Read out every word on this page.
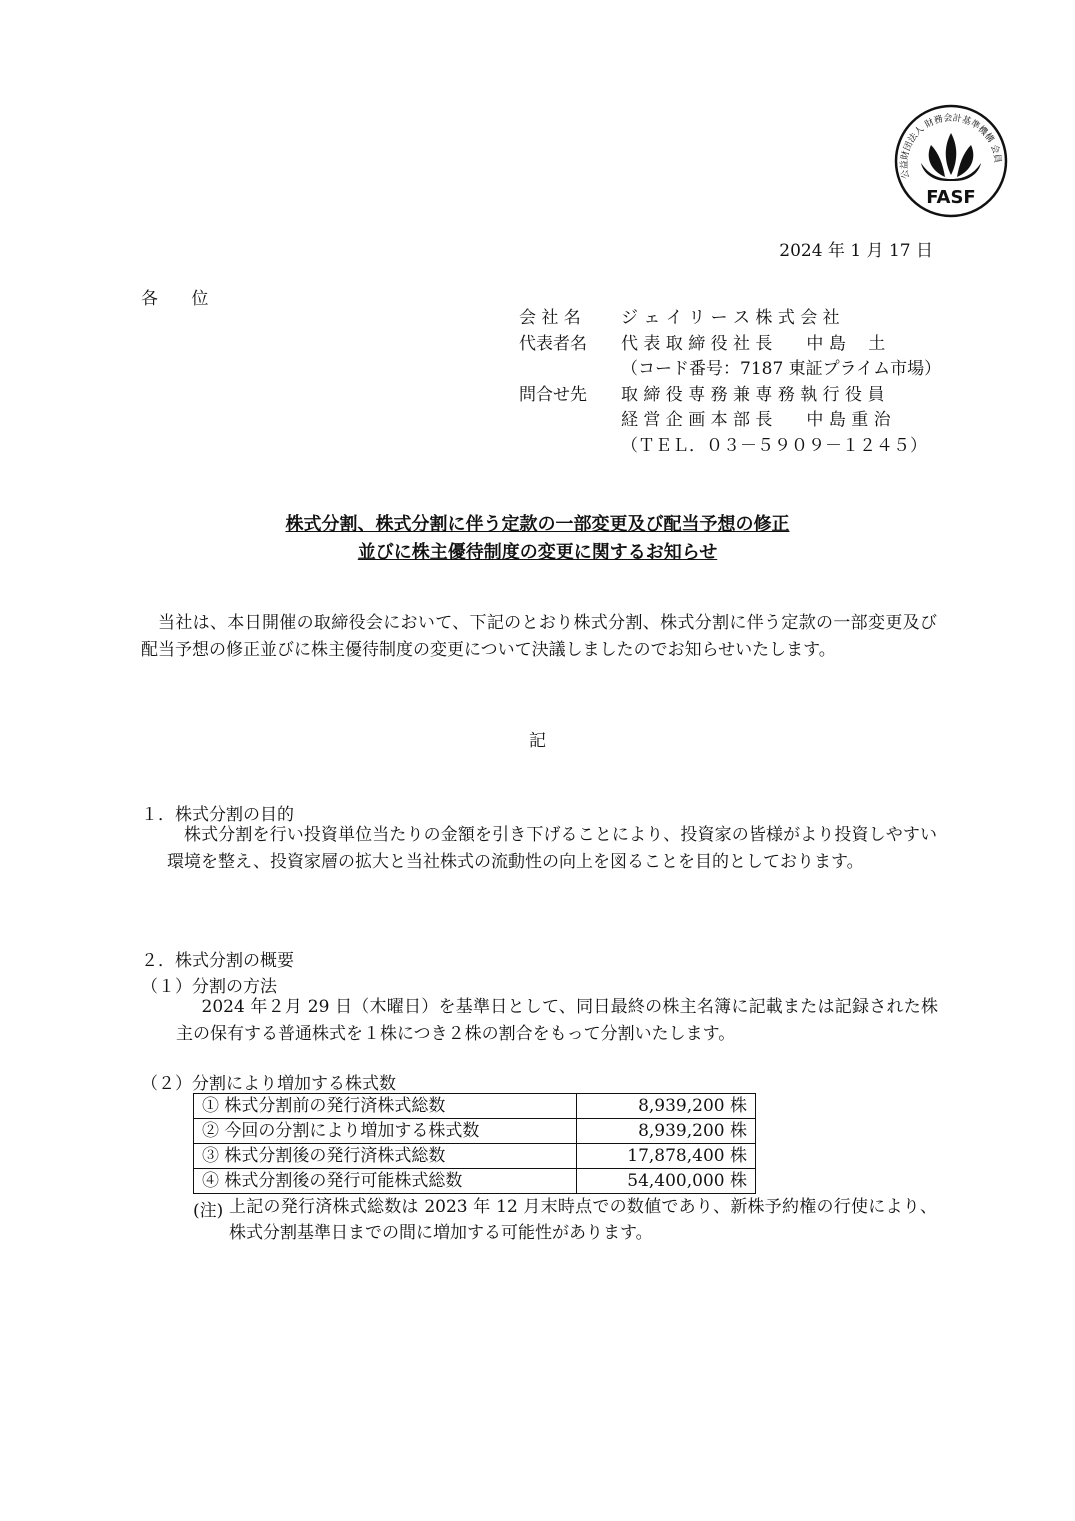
公益財団法人 財務会計基準機構 会員
FASF
2024 年 1 月 17 日
各 位
会 社 名	ジ ェ イ リ ー ス 株 式 会 社
代表者名	代 表 取 締 役 社 長　　中 島　 土
（コード番号：7187 東証プライム市場）
問合せ先	取 締 役 専 務 兼 専 務 執 行 役 員
経 営 企 画 本 部 長　　中 島 重 治
（ＴＥＬ．０３－５９０９－１２４５）
株式分割、株式分割に伴う定款の一部変更及び配当予想の修正
並びに株主優待制度の変更に関するお知らせ
当社は、本日開催の取締役会において、下記のとおり株式分割、株式分割に伴う定款の一部変更及び配当予想の修正並びに株主優待制度の変更について決議しましたのでお知らせいたします。
記
１．株式分割の目的
株式分割を行い投資単位当たりの金額を引き下げることにより、投資家の皆様がより投資しやすい環境を整え、投資家層の拡大と当社株式の流動性の向上を図ることを目的としております。
２．株式分割の概要
（１）分割の方法
2024 年２月 29 日（木曜日）を基準日として、同日最終の株主名簿に記載または記録された株主の保有する普通株式を１株につき２株の割合をもって分割いたします。
（２）分割により増加する株式数
① 株式分割前の発行済株式総数	8,939,200 株
② 今回の分割により増加する株式数	8,939,200 株
③ 株式分割後の発行済株式総数	17,878,400 株
④ 株式分割後の発行可能株式総数	54,400,000 株
(注) 上記の発行済株式総数は 2023 年 12 月末時点での数値であり、新株予約権の行使により、株式分割基準日までの間に増加する可能性があります。
